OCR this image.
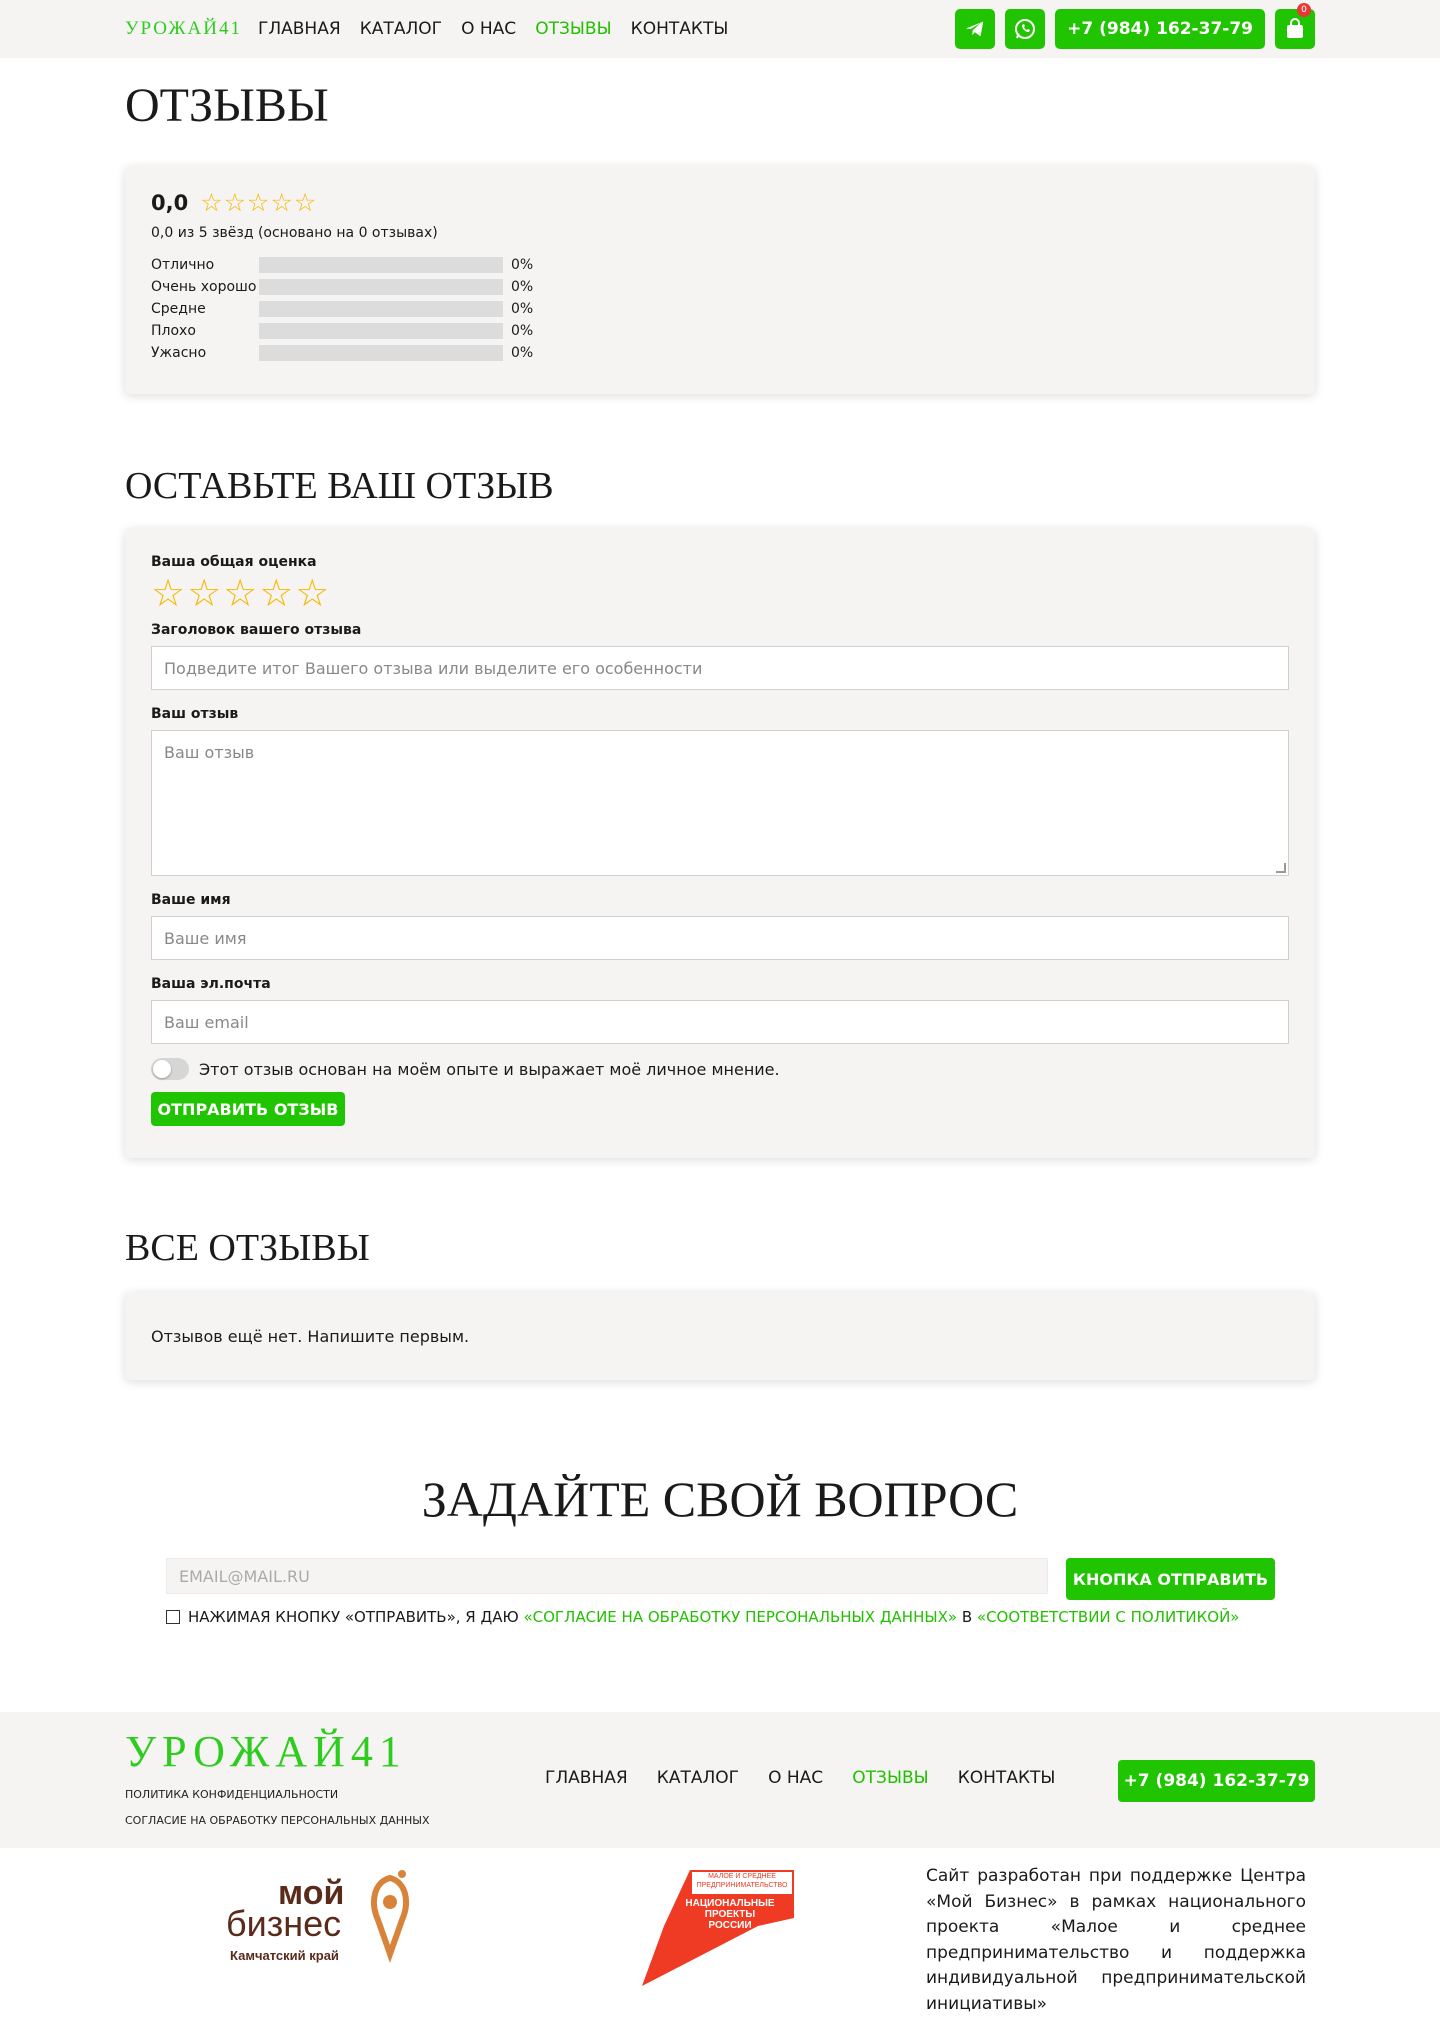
УРОЖАЙ41 ГЛАВНАЯ КАТАЛОГ О НАС ОТЗЫВЫ КОНТАКТЫ	+7 (984) 162-37-79
0
ОТЗЫВЫ
0,0 ☆☆☆☆☆
0,0 из 5 звёзд (основано на 0 отзывах)
Отлично	0%
Очень хорошо	0%
Средне	0%
Плохо	0%
Ужасно	0%
ОСТАВЬТЕ ВАШ ОТЗЫВ
Ваша общая оценка
☆☆☆☆☆
Заголовок вашего отзыва
Подведите итог Вашего отзыва или выделите его особенности
Ваш отзыв
Ваш отзыв
Ваше имя
Ваше имя
Ваша эл.почта
Ваш email
Этот отзыв основан на моём опыте и выражает моё личное мнение.
ОТПРАВИТЬ ОТЗЫВ
ВСЕ ОТЗЫВЫ
Отзывов ещё нет. Напишите первым.
ЗАДАЙТЕ СВОЙ ВОПРОС
EMAIL@MAIL.RU	КНОПКА ОТПРАВИТЬ
НАЖИМАЯ КНОПКУ «ОТПРАВИТЬ», Я ДАЮ «СОГЛАСИЕ НА ОБРАБОТКУ ПЕРСОНАЛЬНЫХ ДАННЫХ» В «СООТВЕТСТВИИ С ПОЛИТИКОЙ»
УРОЖАЙ41
ПОЛИТИКА КОНФИДЕНЦИАЛЬНОСТИ
СОГЛАСИЕ НА ОБРАБОТКУ ПЕРСОНАЛЬНЫХ ДАННЫХ
ГЛАВНАЯ КАТАЛОГ О НАС ОТЗЫВЫ КОНТАКТЫ	+7 (984) 162-37-79
мой
бизнес
Камчатский край
МАЛОЕ И СРЕДНЕЕ ПРЕДПРИНИМАТЕЛЬСТВО
НАЦИОНАЛЬНЫЕ
ПРОЕКТЫ
РОССИИ
Сайт разработан при поддержке Центра «Мой Бизнес» в рамках национального проекта «Малое и среднее предпринимательство и поддержка индивидуальной предпринимательской инициативы»
